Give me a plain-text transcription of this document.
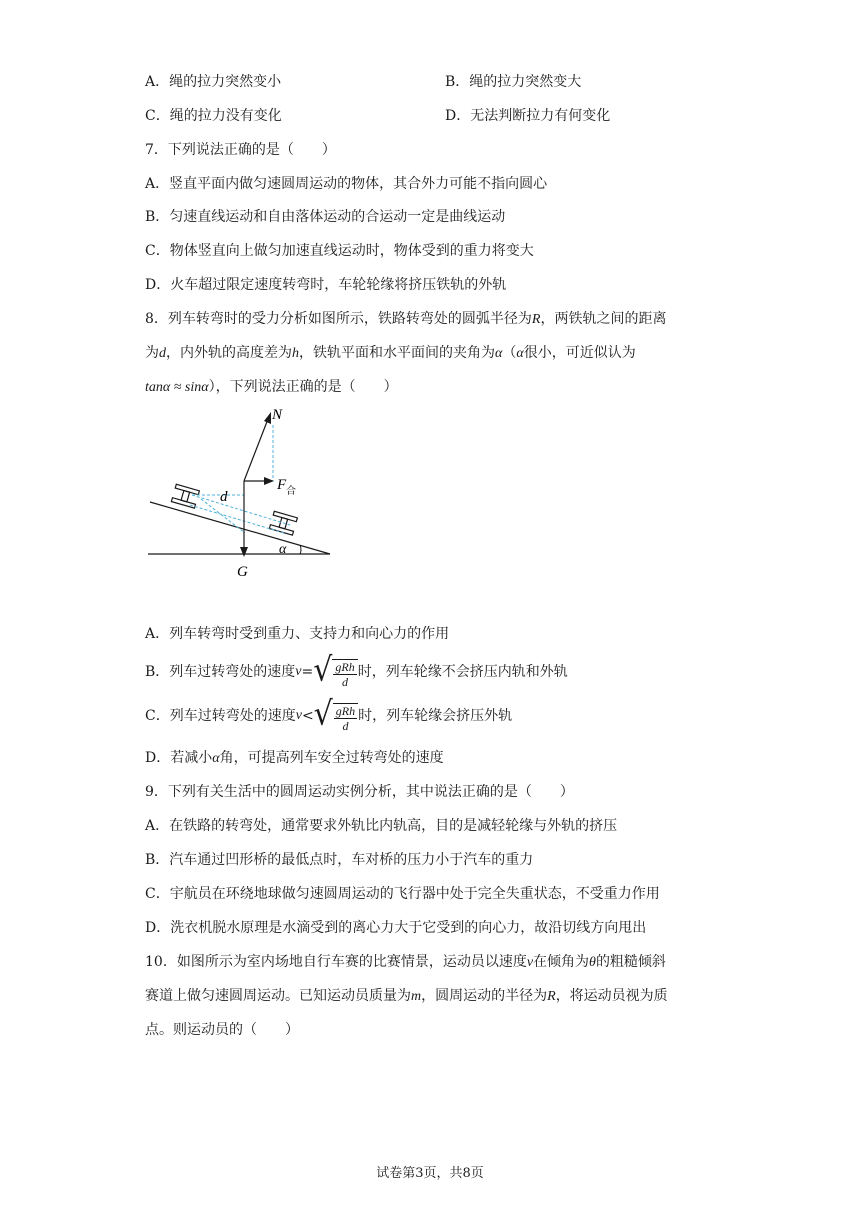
A．绳的拉力突然变小	B．绳的拉力突然变大
C．绳的拉力没有变化	D．无法判断拉力有何变化
7．下列说法正确的是（　　）
A．竖直平面内做匀速圆周运动的物体，其合外力可能不指向圆心
B．匀速直线运动和自由落体运动的合运动一定是曲线运动
C．物体竖直向上做匀加速直线运动时，物体受到的重力将变大
D．火车超过限定速度转弯时，车轮轮缘将挤压铁轨的外轨
8．列车转弯时的受力分析如图所示，铁路转弯处的圆弧半径为R，两铁轨之间的距离
为d，内外轨的高度差为h，铁轨平面和水平面间的夹角为α（α很小，可近似认为
tanα ≈ sinα），下列说法正确的是（　　）
α
N
d
F 合
G
A．列车转弯时受到重力、支持力和向心力的作用
B．列车过转弯处的速度 v = √ $\frac{\text{gRh}}{d}$ 时，列车轮缘不会挤压内轨和外轨
C．列车过转弯处的速度 v < √ $\frac{\text{gRh}}{d}$ 时，列车轮缘会挤压外轨
D．若减小α角，可提高列车安全过转弯处的速度
9．下列有关生活中的圆周运动实例分析，其中说法正确的是（　　）
A．在铁路的转弯处，通常要求外轨比内轨高，目的是减轻轮缘与外轨的挤压
B．汽车通过凹形桥的最低点时，车对桥的压力小于汽车的重力
C．宇航员在环绕地球做匀速圆周运动的飞行器中处于完全失重状态，不受重力作用
D．洗衣机脱水原理是水滴受到的离心力大于它受到的向心力，故沿切线方向甩出
10．如图所示为室内场地自行车赛的比赛情景，运动员以速度v在倾角为θ的粗糙倾斜
赛道上做匀速圆周运动。已知运动员质量为m，圆周运动的半径为R，将运动员视为质
点。则运动员的（　　）
试卷第3页，共8页
